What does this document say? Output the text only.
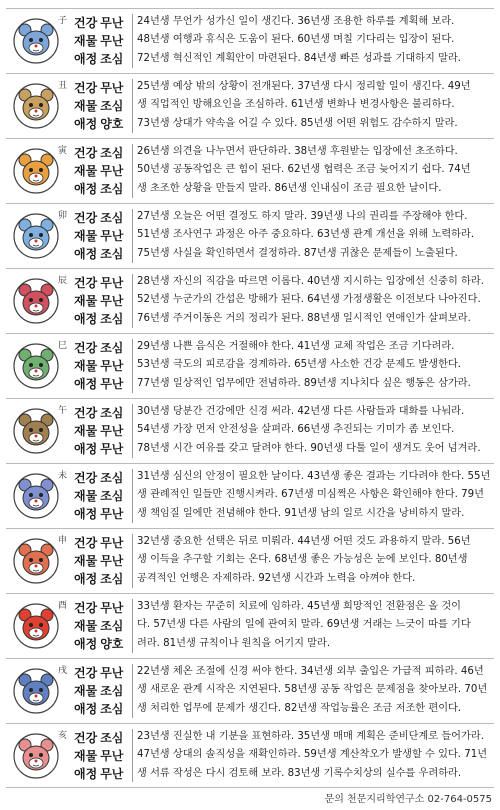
子 건강 무난
재물 무난
애정 조심
24년생 무언가 성가신 일이 생긴다. 36년생 조용한 하루를 계획해 보라.
48년생 여행과 휴식은 도움이 된다. 60년생 며칠 기다리는 입장이 된다.
72년생 혁신적인 계획안이 마련된다. 84년생 빠른 성과를 기대하지 말라.
丑 건강 무난
재물 조심
애정 양호
25년생 예상 밖의 상황이 전개된다. 37년생 다시 정리할 일이 생긴다. 49년
생 직업적인 방해요인을 조심하라. 61년생 변화나 변경사항은 불리하다.
73년생 상대가 약속을 어길 수 있다. 85년생 어떤 위험도 감수하지 말라.
寅 건강 조심
재물 무난
애정 조심
26년생 의견을 나누면서 판단하라. 38년생 후원받는 입장에선 초조하다.
50년생 공동작업은 큰 힘이 된다. 62년생 협력은 조금 늦어지기 쉽다. 74년
생 초조한 상황을 만들지 말라. 86년생 인내심이 조금 필요한 날이다.
卯 건강 조심
재물 무난
애정 조심
27년생 오늘은 어떤 결정도 하지 말라. 39년생 나의 권리를 주장해야 한다.
51년생 조사연구 과정은 아주 중요하다. 63년생 관계 개선을 위해 노력하라.
75년생 사실을 확인하면서 결정하라. 87년생 귀찮은 문제들이 노출된다.
辰 건강 무난
재물 무난
애정 조심
28년생 자신의 직감을 따르면 이롭다. 40년생 지시하는 입장에선 신중히 하라.
52년생 누군가의 간섭은 방해가 된다. 64년생 가정생활은 이전보다 나아진다.
76년생 주거이동은 거의 정리가 된다. 88년생 일시적인 연애인가 살펴보라.
巳 건강 조심
재물 무난
애정 무난
29년생 나쁜 음식은 거절해야 한다. 41년생 교체 작업은 조금 기다려라.
53년생 극도의 피로감을 경계하라. 65년생 사소한 건강 문제도 발생한다.
77년생 일상적인 업무에만 전념하라. 89년생 지나치다 싶은 행동은 삼가라.
午 건강 조심
재물 무난
애정 무난
30년생 당분간 건강에만 신경 써라. 42년생 다른 사람들과 대화를 나눠라.
54년생 가장 먼저 안전성을 살펴라. 66년생 추진되는 기미가 좀 보인다.
78년생 시간 여유를 갖고 달려야 한다. 90년생 다툴 일이 생겨도 웃어 넘겨라.
未 건강 조심
재물 조심
애정 무난
31년생 심신의 안정이 필요한 날이다. 43년생 좋은 결과는 기다려야 한다. 55년
생 관례적인 일들만 진행시켜라. 67년생 미심쩍은 사항은 확인해야 한다. 79년
생 책임질 일에만 전념해야 한다. 91년생 남의 일로 시간을 낭비하지 말라.
申 건강 무난
재물 무난
애정 조심
32년생 중요한 선택은 뒤로 미뤄라. 44년생 어떤 것도 과용하지 말라. 56년
생 이득을 추구할 기회는 온다. 68년생 좋은 가능성은 눈에 보인다. 80년생
공격적인 언행은 자제하라. 92년생 시간과 노력을 아껴야 한다.
酉 건강 무난
재물 조심
애정 양호
33년생 환자는 꾸준히 치료에 임하라. 45년생 희망적인 전환점은 올 것이
다. 57년생 다른 사람의 일에 관여치 말라. 69년생 거래는 느긋이 따를 기다
려라. 81년생 규칙이나 원칙을 어기지 말라.
戌 건강 무난
재물 조심
애정 조심
22년생 체온 조절에 신경 써야 한다. 34년생 외부 출입은 가급적 피하라. 46년
생 새로운 관계 시작은 지연된다. 58년생 공동 작업은 문제점을 찾아보라. 70년
생 처리한 업무에 문제가 생긴다. 82년생 작업능률은 조금 저조한 편이다.
亥 건강 조심
재물 무난
애정 무난
23년생 진실한 내 기분을 표현하라. 35년생 매매 계획은 준비단계로 들어가라.
47년생 상대의 솔직성을 재확인하라. 59년생 계산착오가 발생할 수 있다. 71년
생 서류 작성은 다시 검토해 보라. 83년생 기록수치상의 실수를 우려하라.
문의 천문지리학연구소 02-764-0575
